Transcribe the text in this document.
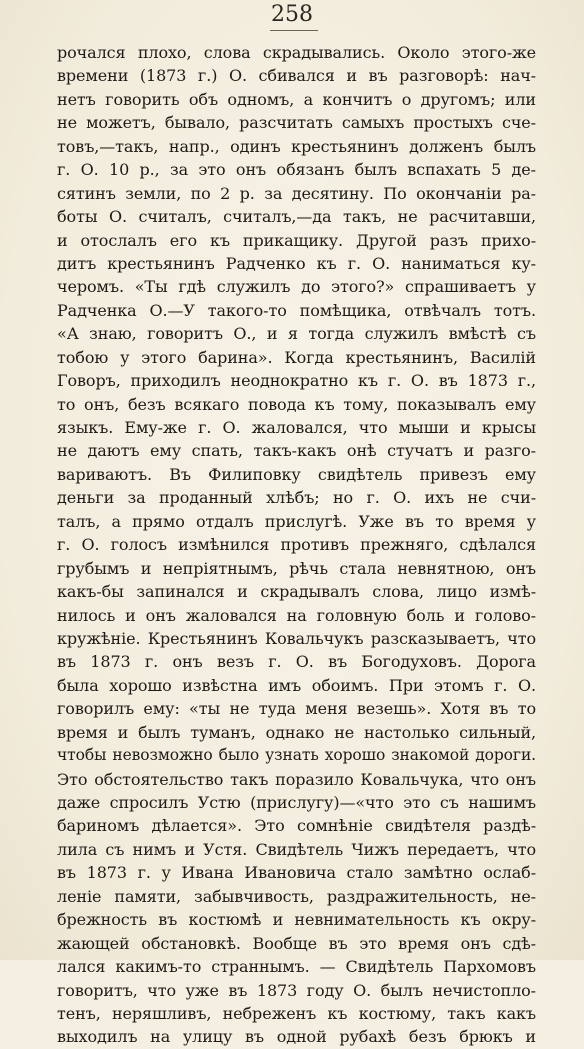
258
рочался плохо, слова скрадывались. Около этого-же
времени (1873 г.) О. сбивался и въ разговорѣ: нач-
нетъ говорить объ одномъ, а кончитъ о другомъ; или
не можетъ, бывало, разсчитать самыхъ простыхъ сче-
товъ,—такъ, напр., одинъ крестьянинъ долженъ былъ
г. О. 10 р., за это онъ обязанъ былъ вспахать 5 де-
сятинъ земли, по 2 р. за десятину. По окончаніи ра-
боты О. считалъ, считалъ,—да такъ, не расчитавши,
и отослалъ его къ прикащику. Другой разъ прихо-
дитъ крестьянинъ Радченко къ г. О. наниматься ку-
черомъ. «Ты гдѣ служилъ до этого?» спрашиваетъ у
Радченка О.—У такого-то помѣщика, отвѣчалъ тотъ.
«А знаю, говоритъ О., и я тогда служилъ вмѣстѣ съ
тобою у этого барина». Когда крестьянинъ, Василій
Говоръ, приходилъ неоднократно къ г. О. въ 1873 г.,
то онъ, безъ всякаго повода къ тому, показывалъ ему
языкъ. Ему-же г. О. жаловался, что мыши и крысы
не даютъ ему спать, такъ-какъ онѣ стучатъ и разго-
вариваютъ. Въ Филиповку свидѣтель привезъ ему
деньги за проданный хлѣбъ; но г. О. ихъ не счи-
талъ, а прямо отдалъ прислугѣ. Уже въ то время у
г. О. голосъ измѣнился противъ прежняго, сдѣлался
грубымъ и непріятнымъ, рѣчь стала невнятною, онъ
какъ-бы запинался и скрадывалъ слова, лицо измѣ-
нилось и онъ жаловался на головную боль и голово-
кружѣніе. Крестьянинъ Ковальчукъ разсказываетъ, что
въ 1873 г. онъ везъ г. О. въ Богодуховъ. Дорога
была хорошо извѣстна имъ обоимъ. При этомъ г. О.
говорилъ ему: «ты не туда меня везешь». Хотя въ то
время и былъ туманъ, однако не настолько сильный,
чтобы невозможно было узнать хорошо знакомой дороги.
Это обстоятельство такъ поразило Ковальчука, что онъ
даже спросилъ Устю (прислугу)—«что это съ нашимъ
бариномъ дѣлается». Это сомнѣніе свидѣтеля раздѣ-
лила съ нимъ и Устя. Свидѣтель Чижъ передаетъ, что
въ 1873 г. у Ивана Ивановича стало замѣтно ослаб-
леніе памяти, забывчивость, раздражительность, не-
брежность въ костюмѣ и невнимательность къ окру-
жающей обстановкѣ. Вообще въ это время онъ сдѣ-
лался какимъ-то страннымъ. — Свидѣтель Пархомовъ
говоритъ, что уже въ 1873 году О. былъ нечистоплo-
тенъ, неряшливъ, небреженъ къ костюму, такъ какъ
выходилъ на улицу въ одной рубахѣ безъ брюкъ и
